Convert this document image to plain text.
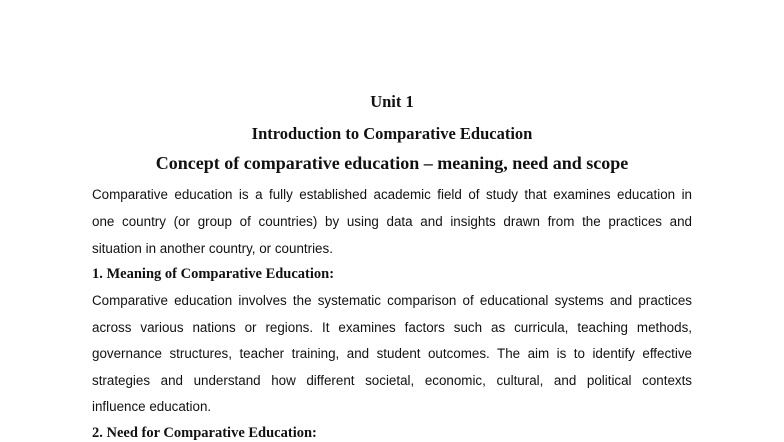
Unit 1
Introduction to Comparative Education
Concept of comparative education – meaning, need and scope
Comparative education is a fully established academic field of study that examines education in
one country (or group of countries) by using data and insights drawn from the practices and
situation in another country, or countries.
1. Meaning of Comparative Education:
Comparative education involves the systematic comparison of educational systems and practices
across various nations or regions. It examines factors such as curricula, teaching methods,
governance structures, teacher training, and student outcomes. The aim is to identify effective
strategies and understand how different societal, economic, cultural, and political contexts
influence education.
2. Need for Comparative Education:
